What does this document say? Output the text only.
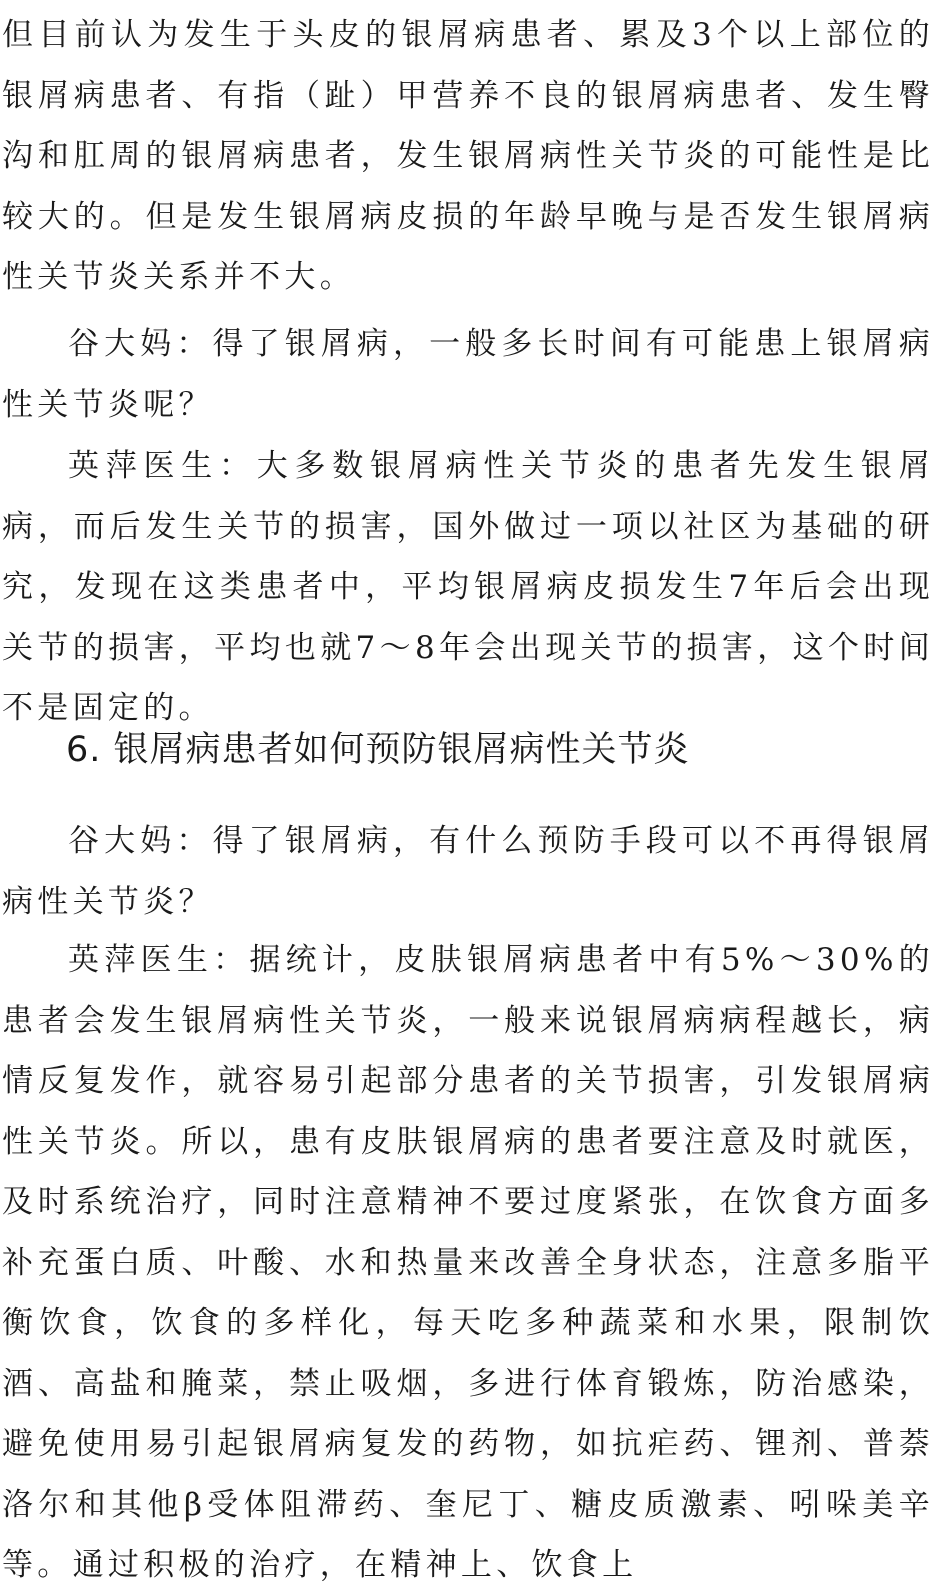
但目前认为发生于头皮的银屑病患者、累及3个以上部位的银屑病患者、有指（趾）甲营养不良的银屑病患者、发生臀沟和肛周的银屑病患者，发生银屑病性关节炎的可能性是比较大的。但是发生银屑病皮损的年龄早晚与是否发生银屑病性关节炎关系并不大。

谷大妈：得了银屑病，一般多长时间有可能患上银屑病性关节炎呢？

英萍医生：大多数银屑病性关节炎的患者先发生银屑病，而后发生关节的损害，国外做过一项以社区为基础的研究，发现在这类患者中，平均银屑病皮损发生7年后会出现关节的损害，平均也就7～8年会出现关节的损害，这个时间不是固定的。

6. 银屑病患者如何预防银屑病性关节炎

谷大妈：得了银屑病，有什么预防手段可以不再得银屑病性关节炎？

英萍医生：据统计，皮肤银屑病患者中有5%～30%的患者会发生银屑病性关节炎，一般来说银屑病病程越长，病情反复发作，就容易引起部分患者的关节损害，引发银屑病性关节炎。所以，患有皮肤银屑病的患者要注意及时就医，及时系统治疗，同时注意精神不要过度紧张，在饮食方面多补充蛋白质、叶酸、水和热量来改善全身状态，注意多脂平衡饮食，饮食的多样化，每天吃多种蔬菜和水果，限制饮酒、高盐和腌菜，禁止吸烟，多进行体育锻炼，防治感染，避免使用易引起银屑病复发的药物，如抗疟药、锂剂、普萘洛尔和其他β受体阻滞药、奎尼丁、糖皮质激素、吲哚美辛等。通过积极的治疗，在精神上、饮食上
